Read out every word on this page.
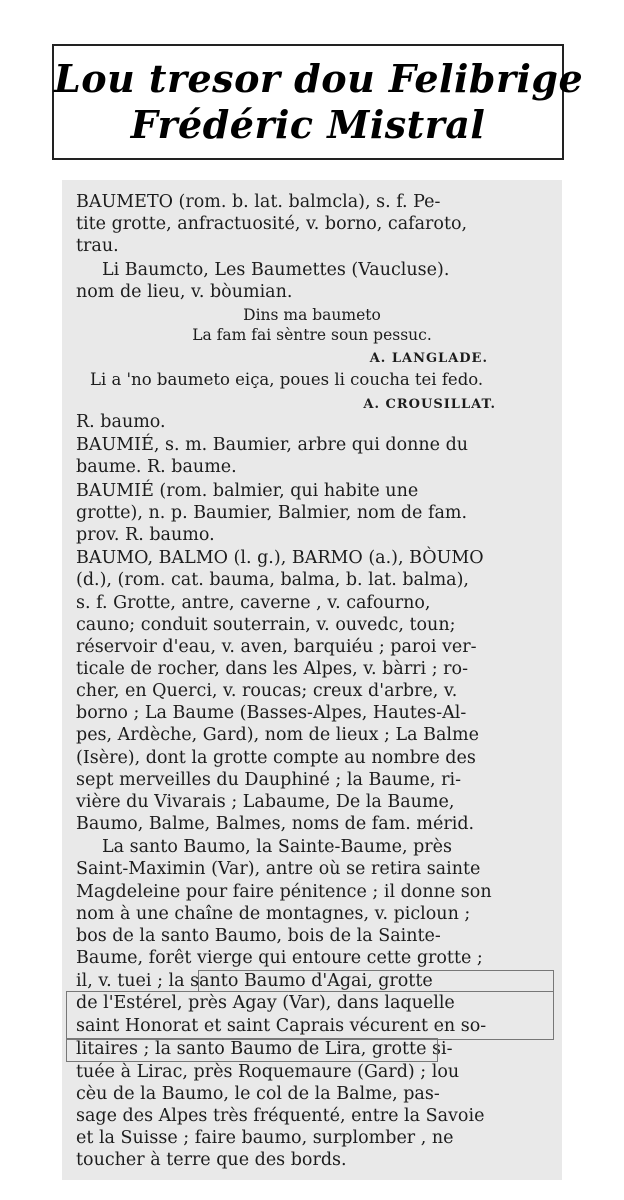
Lou tresor dou Felibrige
Frédéric Mistral
BAUMETO (rom. b. lat. balmcla), s. f. Pe-
tite grotte, anfractuosité, v. borno, cafaroto,
trau.
Li Baumcto, Les Baumettes (Vaucluse).
nom de lieu, v. bòumian.
Dins ma baumeto
La fam fai sèntre soun pessuc.
A. LANGLADE.
Li a 'no baumeto eiça, poues li coucha tei fedo.
A. CROUSILLAT.
R. baumo.
BAUMIÉ, s. m. Baumier, arbre qui donne du
baume. R. baume.
BAUMIÉ (rom. balmier, qui habite une
grotte), n. p. Baumier, Balmier, nom de fam.
prov. R. baumo.
BAUMO, BALMO (l. g.), BARMO (a.), BÒUMO
(d.), (rom. cat. bauma, balma, b. lat. balma),
s. f. Grotte, antre, caverne , v. cafourno,
cauno; conduit souterrain, v. ouvedc, toun;
réservoir d'eau, v. aven, barquiéu ; paroi ver-
ticale de rocher, dans les Alpes, v. bàrri ; ro-
cher, en Querci, v. roucas; creux d'arbre, v.
borno ; La Baume (Basses-Alpes, Hautes-Al-
pes, Ardèche, Gard), nom de lieux ; La Balme
(Isère), dont la grotte compte au nombre des
sept merveilles du Dauphiné ; la Baume, ri-
vière du Vivarais ; Labaume, De la Baume,
Baumo, Balme, Balmes, noms de fam. mérid.
La santo Baumo, la Sainte-Baume, près
Saint-Maximin (Var), antre où se retira sainte
Magdeleine pour faire pénitence ; il donne son
nom à une chaîne de montagnes, v. picloun ;
bos de la santo Baumo, bois de la Sainte-
Baume, forêt vierge qui entoure cette grotte ;
il, v. tuei ; la santo Baumo d'Agai, grotte
de l'Estérel, près Agay (Var), dans laquelle
saint Honorat et saint Caprais vécurent en so-
litaires ; la santo Baumo de Lira, grotte si-
tuée à Lirac, près Roquemaure (Gard) ; lou
cèu de la Baumo, le col de la Balme, pas-
sage des Alpes très fréquenté, entre la Savoie
et la Suisse ; faire baumo, surplomber , ne
toucher à terre que des bords.
